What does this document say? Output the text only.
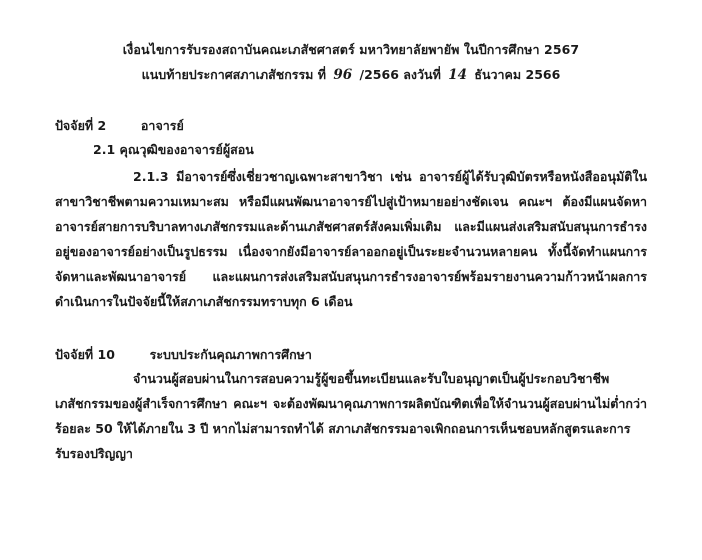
เงื่อนไขการรับรองสถาบันคณะเภสัชศาสตร์ มหาวิทยาลัยพายัพ ในปีการศึกษา 2567
แนบท้ายประกาศสภาเภสัชกรรม ที่ 96 /2566 ลงวันที่ 14 ธันวาคม 2566
ปัจจัยที่ 2	อาจารย์
2.1 คุณวุฒิของอาจารย์ผู้สอน

2.1.3 มีอาจารย์ซึ่งเชี่ยวชาญเฉพาะสาขาวิชา เช่น อาจารย์ผู้ได้รับวุฒิบัตรหรือหนังสืออนุมัติในสาขาวิชาชีพตามความเหมาะสม หรือมีแผนพัฒนาอาจารย์ไปสู่เป้าหมายอย่างชัดเจน คณะฯ ต้องมีแผนจัดหาอาจารย์สายการบริบาลทางเภสัชกรรมและด้านเภสัชศาสตร์สังคมเพิ่มเติม และมีแผนส่งเสริมสนับสนุนการธำรงอยู่ของอาจารย์อย่างเป็นรูปธรรม เนื่องจากยังมีอาจารย์ลาออกอยู่เป็นระยะจำนวนหลายคน ทั้งนี้จัดทำแผนการจัดหาและพัฒนาอาจารย์ และแผนการส่งเสริมสนับสนุนการธำรงอาจารย์พร้อมรายงานความก้าวหน้าผลการดำเนินการในปัจจัยนี้ให้สภาเภสัชกรรมทราบทุก 6 เดือน

ปัจจัยที่ 10	ระบบประกันคุณภาพการศึกษา

จำนวนผู้สอบผ่านในการสอบความรู้ผู้ขอขึ้นทะเบียนและรับใบอนุญาตเป็นผู้ประกอบวิชาชีพเภสัชกรรมของผู้สำเร็จการศึกษา คณะฯ จะต้องพัฒนาคุณภาพการผลิตบัณฑิตเพื่อให้จำนวนผู้สอบผ่านไม่ต่ำกว่าร้อยละ 50 ให้ได้ภายใน 3 ปี หากไม่สามารถทำได้ สภาเภสัชกรรมอาจเพิกถอนการเห็นชอบหลักสูตรและการ

รับรองปริญญา
